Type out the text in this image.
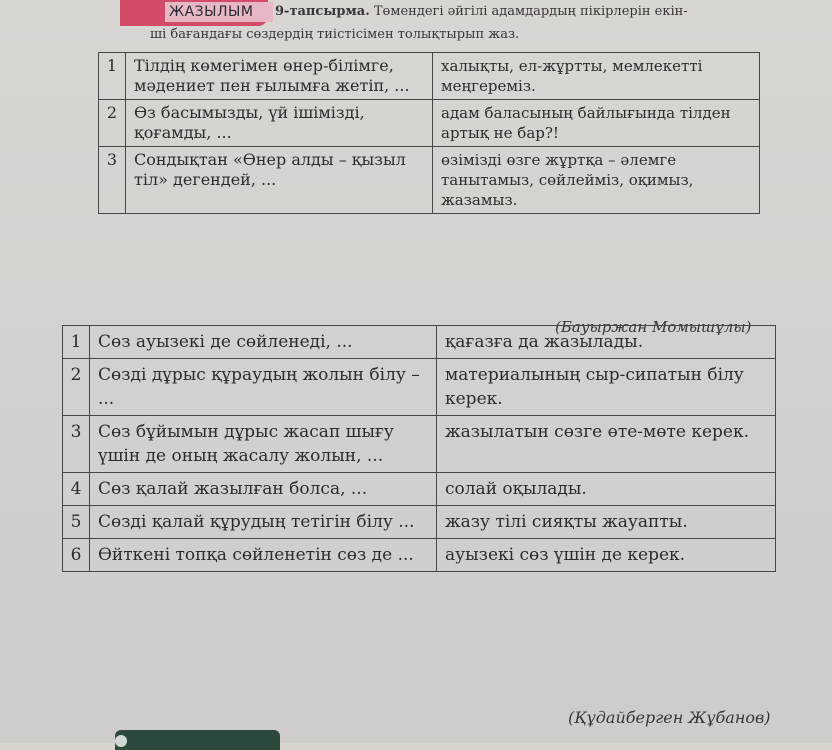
ЖАЗЫЛЫМ	9-тапсырма. Төмендегі әйгілі адамдардың пікірлерін екін-
ші бағандағы сөздердің тиістісімен толықтырып жаз.
1	Тілдің көмегімен өнер-білімге, мәдениет пен ғылымға жетіп, ...	халықты, ел-жұртты, мемлекетті меңгереміз.
2	Өз басымызды, үй ішімізді, қоғамды, ...	адам баласының байлығында тілден артық не бар?!
3	Сондықтан «Өнер алды – қызыл тіл» дегендей, ...	өзімізді өзге жұртқа – әлемге танытамыз, сөйлейміз, оқимыз, жазамыз.
(Бауыржан Момышұлы)
1	Сөз ауызекі де сөйленеді, ...	қағазға да жазылады.
2	Сөзді дұрыс құраудың жолын білу – ...	материалының сыр-сипатын білу керек.
3	Сөз бұйымын дұрыс жасап шығу үшін де оның жасалу жолын, ...	жазылатын сөзге өте-мөте керек.
4	Сөз қалай жазылған болса, ...	солай оқылады.
5	Сөзді қалай құрудың тетігін білу ...	жазу тілі сияқты жауапты.
6	Өйткені топқа сөйленетін сөз де ...	ауызекі сөз үшін де керек.
(Құдайберген Жұбанов)
